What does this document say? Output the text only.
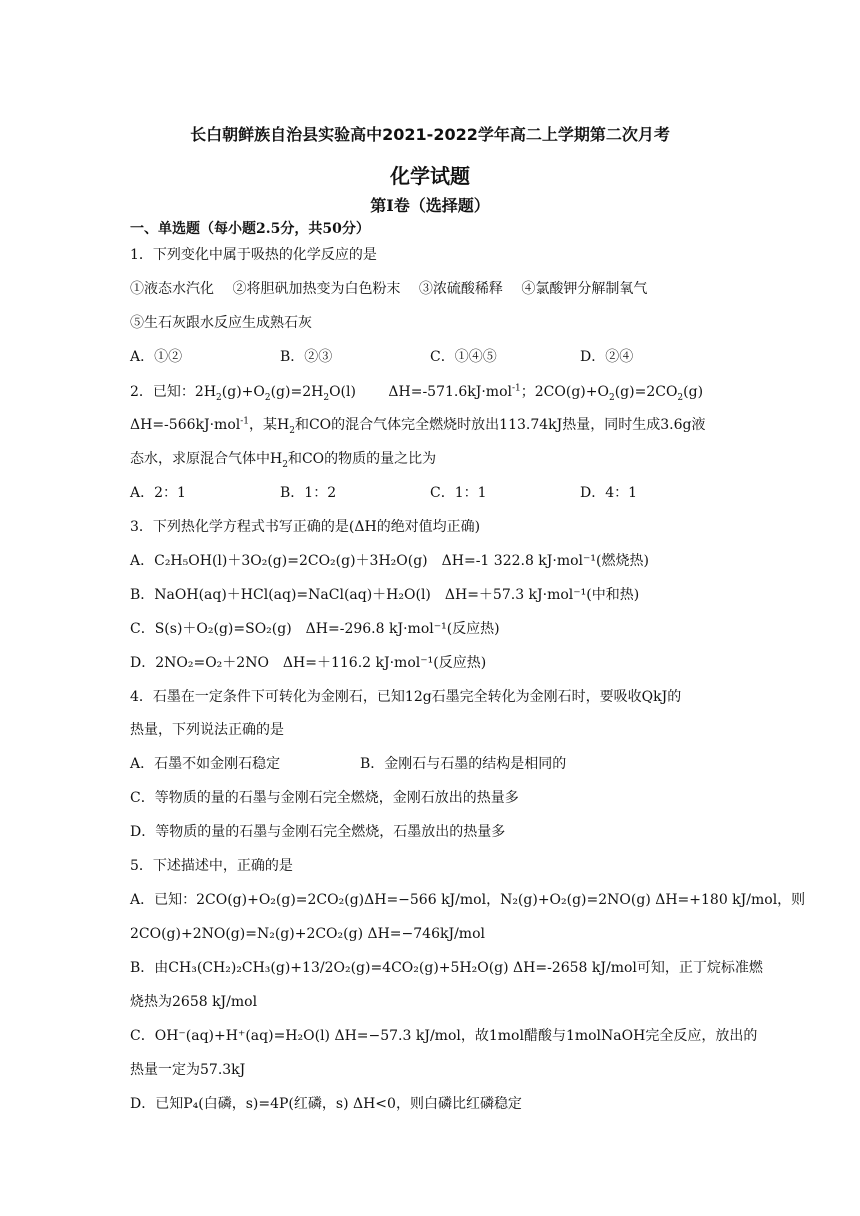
长白朝鲜族自治县实验高中2021-2022学年高二上学期第二次月考
化学试题
第Ⅰ卷（选择题）
一、单选题（每小题2.5分，共50分）
1．下列变化中属于吸热的化学反应的是
①液态水汽化　 ②将胆矾加热变为白色粉末　 ③浓硫酸稀释　 ④氯酸钾分解制氧气
⑤生石灰跟水反应生成熟石灰
A．①②	B．②③	C．①④⑤	D．②④
2．已知：$2H_2(g)+O_2(g)=2H_2O(l)$　　 ΔH=-571.6kJ·mol$^{-1}$；$2CO(g)+O_2(g)=2CO_2(g)$
ΔH=-566kJ·mol$^{-1}$，某$H_2$和CO的混合气体完全燃烧时放出113.74kJ热量，同时生成3.6g液
态水，求原混合气体中$H_2$和CO的物质的量之比为
A．2：1	B．1：2	C．1：1	D．4：1
3．下列热化学方程式书写正确的是(ΔH的绝对值均正确)
A．C₂H₅OH(l)＋3O₂(g)=2CO₂(g)＋3H₂O(g)　ΔH=-1 322.8 kJ·mol⁻¹(燃烧热)
B．NaOH(aq)＋HCl(aq)=NaCl(aq)＋H₂O(l)　ΔH=＋57.3 kJ·mol⁻¹(中和热)
C．S(s)＋O₂(g)=SO₂(g)　ΔH=-296.8 kJ·mol⁻¹(反应热)
D．2NO₂=O₂＋2NO　ΔH=＋116.2 kJ·mol⁻¹(反应热)
4．石墨在一定条件下可转化为金刚石，已知12g石墨完全转化为金刚石时，要吸收QkJ的
热量，下列说法正确的是
A．石墨不如金刚石稳定	B．金刚石与石墨的结构是相同的
C．等物质的量的石墨与金刚石完全燃烧，金刚石放出的热量多
D．等物质的量的石墨与金刚石完全燃烧，石墨放出的热量多
5．下述描述中，正确的是
A．已知：2CO(g)+O₂(g)=2CO₂(g)ΔH=−566 kJ/mol，N₂(g)+O₂(g)=2NO(g) ΔH=+180 kJ/mol，则
2CO(g)+2NO(g)=N₂(g)+2CO₂(g) ΔH=−746kJ/mol
B．由CH₃(CH₂)₂CH₃(g)+13/2O₂(g)=4CO₂(g)+5H₂O(g) ΔH=-2658 kJ/mol可知，正丁烷标准燃
烧热为2658 kJ/mol
C．OH⁻(aq)+H⁺(aq)=H₂O(l) ΔH=−57.3 kJ/mol，故1mol醋酸与1molNaOH完全反应，放出的
热量一定为57.3kJ
D．已知P₄(白磷，s)=4P(红磷，s) ΔH<0，则白磷比红磷稳定
